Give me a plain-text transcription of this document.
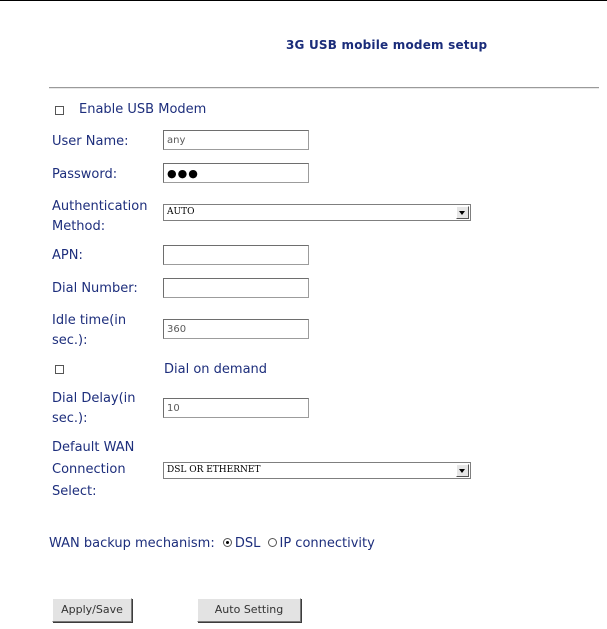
3G USB mobile modem setup
Enable USB Modem
User Name:
any
Password:
●●●
Authentication
Method:
AUTO
APN:
Dial Number:
Idle time(in
sec.):
360
Dial on demand
Dial Delay(in
sec.):
10
Default WAN
Connection
Select:
DSL OR ETHERNET
WAN backup mechanism: DSL IP connectivity
Apply/Save	Auto Setting
